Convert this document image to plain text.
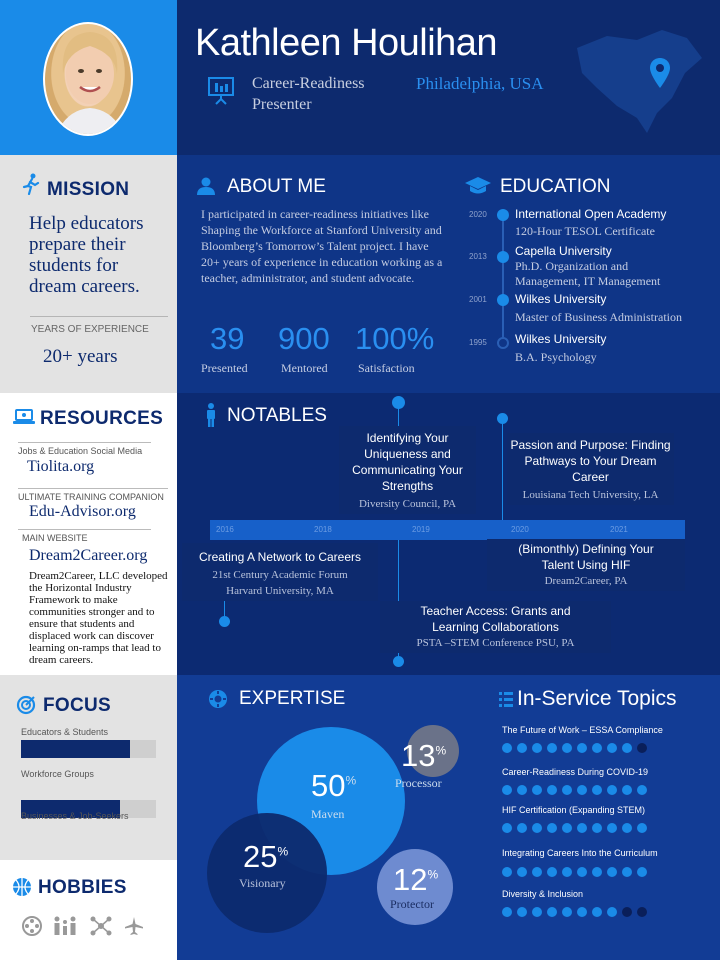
MISSION
Help educators prepare their students for dream careers.
YEARS OF EXPERIENCE
20+ years
RESOURCES
Jobs & Education Social Media
Tiolita.org
ULTIMATE TRAINING COMPANION
Edu-Advisor.org
MAIN WEBSITE
Dream2Career.org
Dream2Career, LLC developed the Horizontal Industry Framework to make communities stronger and to ensure that students and displaced work can discover learning on-ramps that lead to dream careers.
FOCUS
Educators & Students
Workforce Groups
Businesses & Job-Seekers
HOBBIES
Kathleen Houlihan
Career-Readiness Presenter
Philadelphia, USA
ABOUT ME
I participated in career-readiness initiatives like Shaping the Workforce at Stanford University and Bloomberg’s Tomorrow’s Talent project. I have 20+ years of experience in education working as a teacher, administrator, and student advocate.
39
Presented
900
Mentored
100%
Satisfaction
EDUCATION
2020 International Open Academy
120-Hour TESOL Certificate
2013 Capella University
Ph.D. Organization and Management, IT Management
2001 Wilkes University
Master of Business Administration
1995 Wilkes University
B.A. Psychology
NOTABLES
2016	2018	2019	2020	2021
Identifying Your Uniqueness and Communicating Your Strengths
Diversity Council, PA
Passion and Purpose: Finding Pathways to Your Dream Career
Louisiana Tech University, LA
Creating A Network to Careers
21st Century Academic Forum Harvard University, MA
(Bimonthly) Defining Your Talent Using HIF
Dream2Career, PA
Teacher Access: Grants and Learning Collaborations
PSTA –STEM Conference PSU, PA
EXPERTISE
50%
Maven
13%
Processor
25%
Visionary	12%
Protector
In-Service Topics
The Future of Work – ESSA Compliance
Career-Readiness During COVID-19
HIF Certification (Expanding STEM)
Integrating Careers Into the Curriculum
Diversity & Inclusion
